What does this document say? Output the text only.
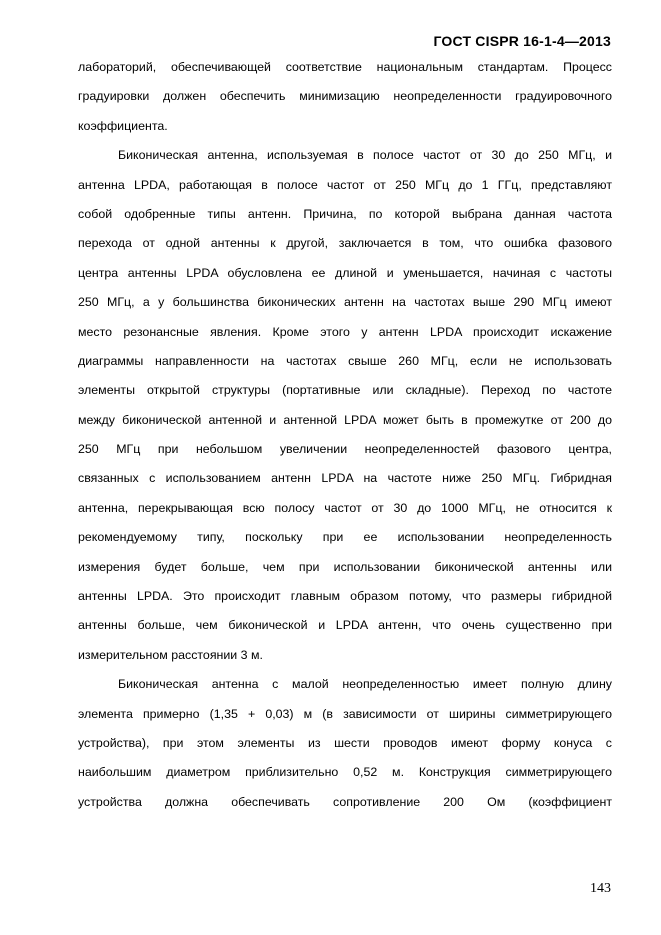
ГОСТ CISPR 16-1-4—2013
лабораторий, обеспечивающей соответствие национальным стандартам. Процесс
градуировки должен обеспечить минимизацию неопределенности градуировочного
коэффициента.
Биконическая антенна, используемая в полосе частот от 30 до 250 МГц, и
антенна LPDA, работающая в полосе частот от 250 МГц до 1 ГГц, представляют
собой одобренные типы антенн. Причина, по которой выбрана данная частота
перехода от одной антенны к другой, заключается в том, что ошибка фазового
центра антенны LPDA обусловлена ее длиной и уменьшается, начиная с частоты
250 МГц, а у большинства биконических антенн на частотах выше 290 МГц имеют
место резонансные явления. Кроме этого у антенн LPDA происходит искажение
диаграммы направленности на частотах свыше 260 МГц, если не использовать
элементы открытой структуры (портативные или складные). Переход по частоте
между биконической антенной и антенной LPDA может быть в промежутке от 200 до
250 МГц при небольшом увеличении неопределенностей фазового центра,
связанных с использованием антенн LPDA на частоте ниже 250 МГц. Гибридная
антенна, перекрывающая всю полосу частот от 30 до 1000 МГц, не относится к
рекомендуемому типу, поскольку при ее использовании неопределенность
измерения будет больше, чем при использовании биконической антенны или
антенны LPDA. Это происходит главным образом потому, что размеры гибридной
антенны больше, чем биконической и LPDA антенн, что очень существенно при
измерительном расстоянии 3 м.
Биконическая антенна с малой неопределенностью имеет полную длину
элемента примерно (1,35 + 0,03) м (в зависимости от ширины симметрирующего
устройства), при этом элементы из шести проводов имеют форму конуса с
наибольшим диаметром приблизительно 0,52 м. Конструкция симметрирующего
устройства должна обеспечивать сопротивление 200 Ом (коэффициент
143
